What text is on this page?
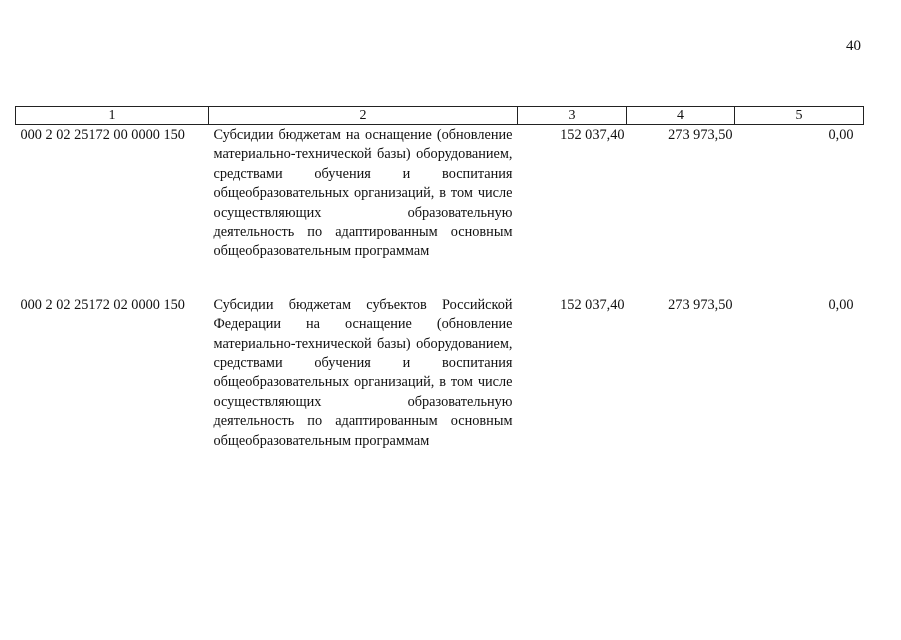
40
1	2	3	4	5
000 2 02 25172 00 0000 150	Субсидии бюджетам на оснащение (обновление материально-технической базы) оборудованием, средствами обучения и воспитания общеобразовательных организаций, в том числе осуществляющих образовательную деятельность по адаптированным основным общеобразовательным программам	152 037,40	273 973,50	0,00

000 2 02 25172 02 0000 150	Субсидии бюджетам субъектов Российской Федерации на оснащение (обновление материально-технической базы) оборудованием, средствами обучения и воспитания общеобразовательных организаций, в том числе осуществляющих образовательную деятельность по адаптированным основным общеобразовательным программам	152 037,40	273 973,50	0,00
